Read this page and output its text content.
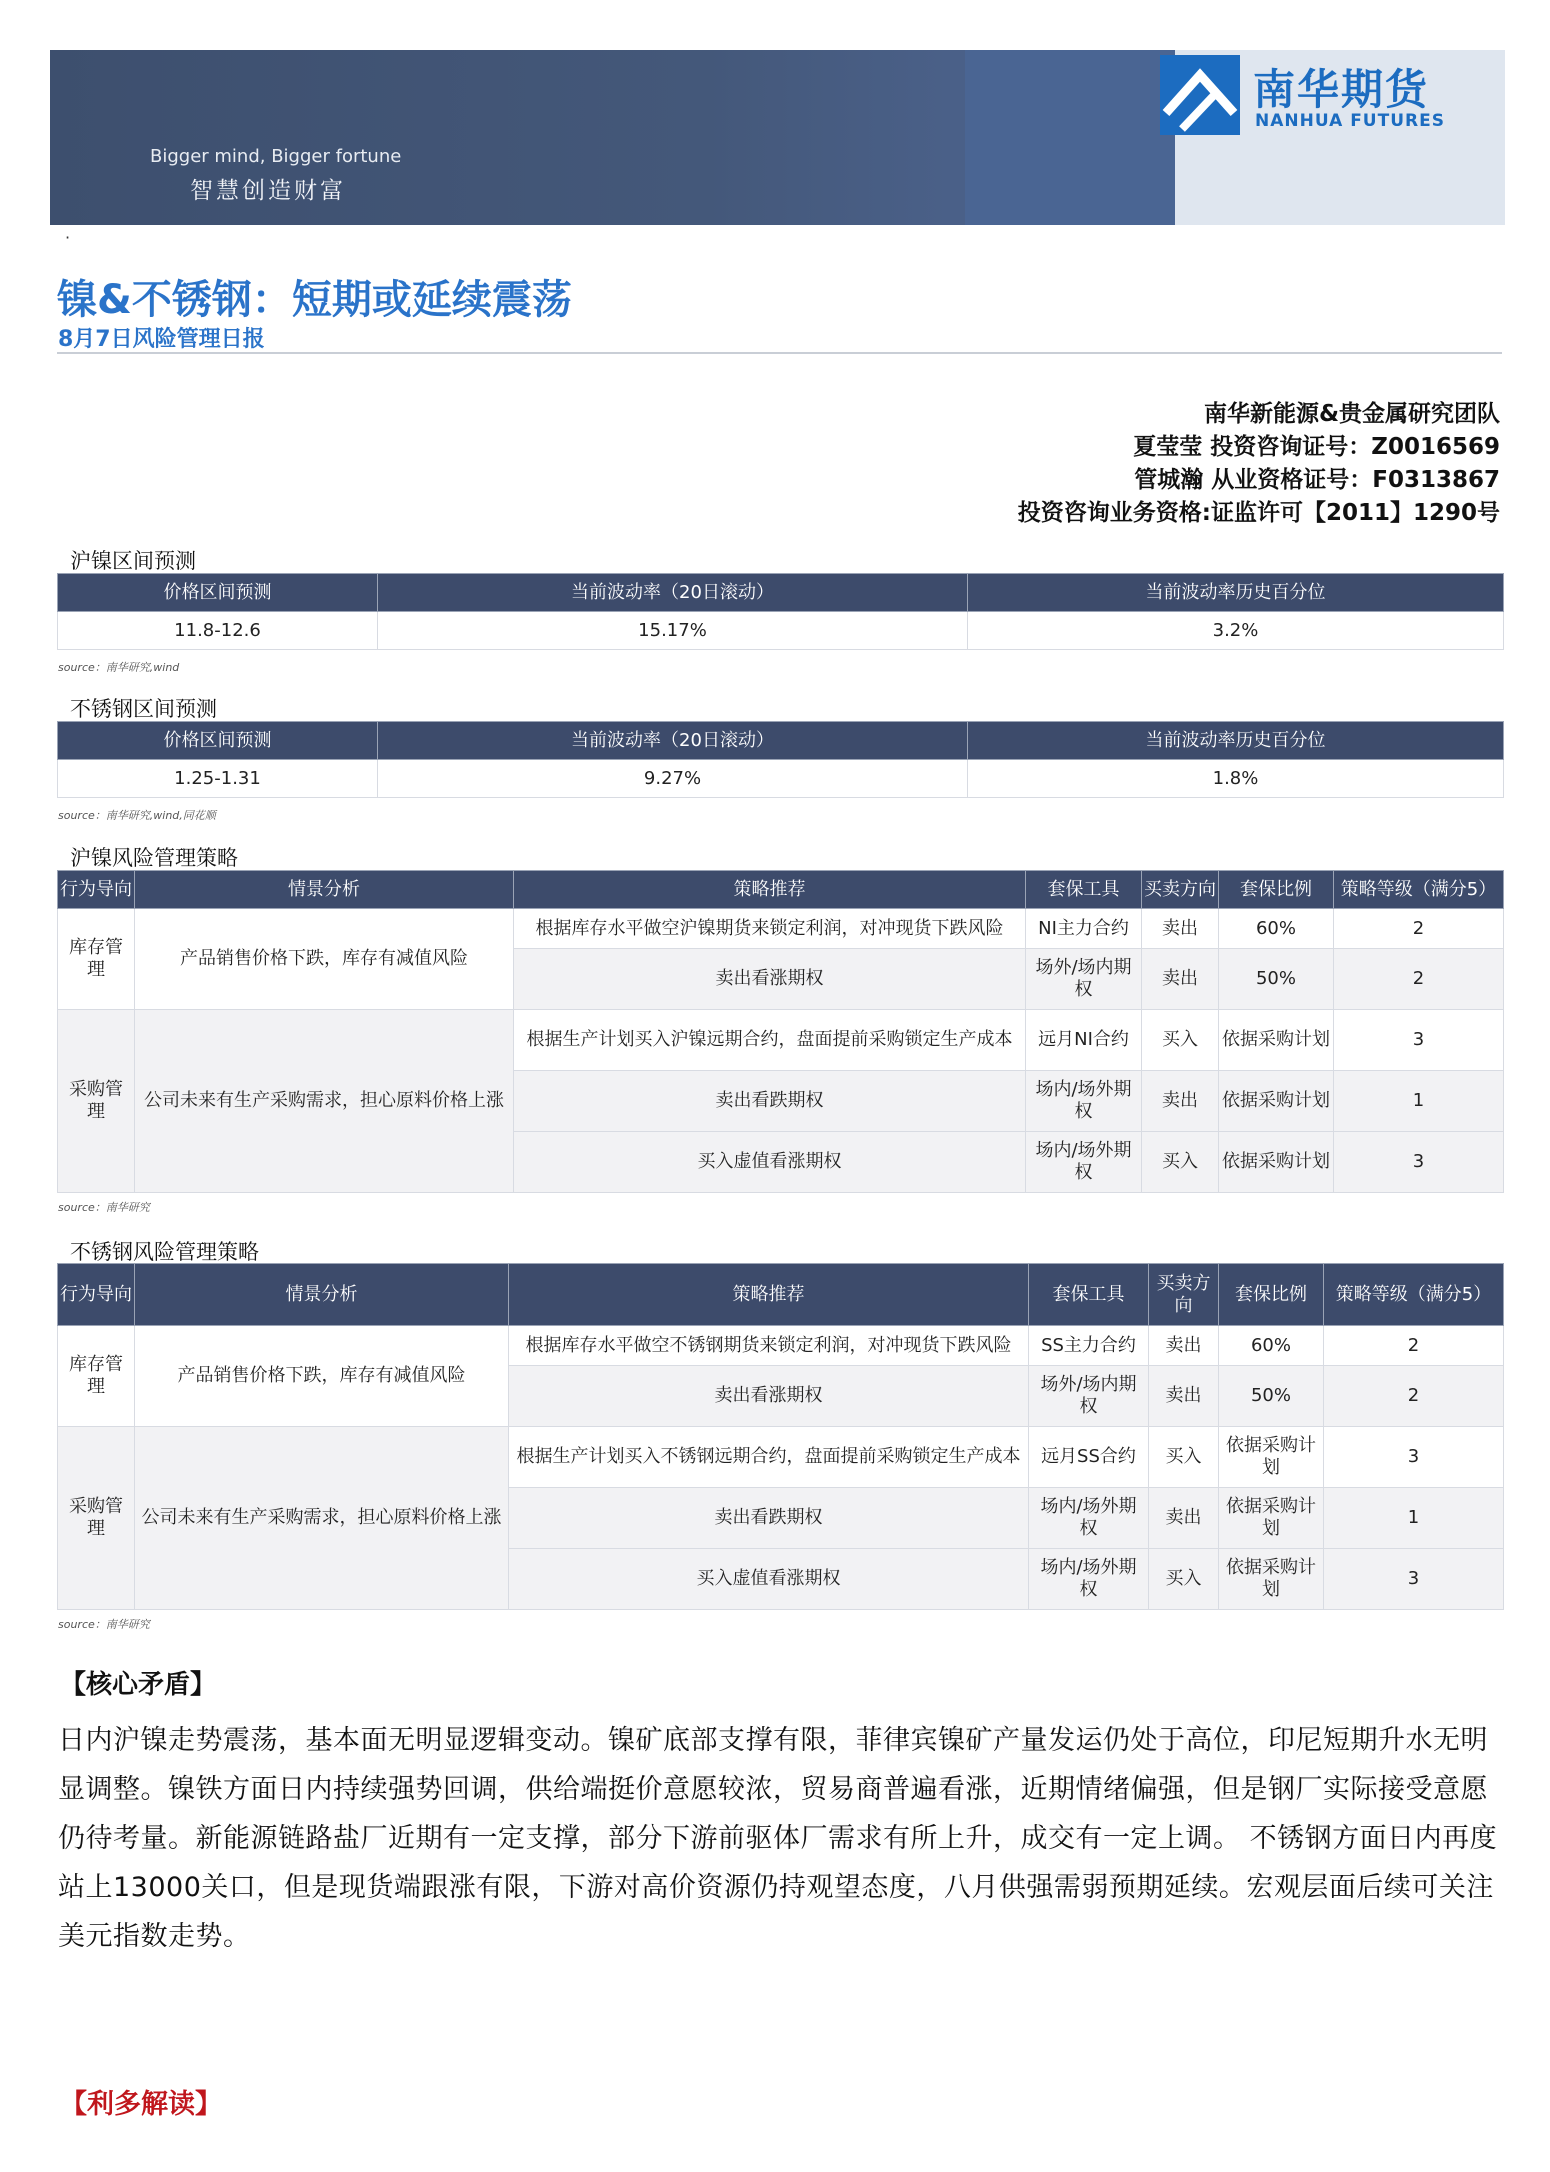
Bigger mind, Bigger fortune
智慧创造财富
南华期货
NANHUA FUTURES
·
镍&不锈钢：短期或延续震荡
8月7日风险管理日报
南华新能源&贵金属研究团队
夏莹莹 投资咨询证号：Z0016569
管城瀚 从业资格证号：F0313867
投资咨询业务资格:证监许可【2011】1290号
沪镍区间预测
价格区间预测	当前波动率（20日滚动）	当前波动率历史百分位
11.8-12.6	15.17%	3.2%
source：南华研究,wind
不锈钢区间预测
价格区间预测	当前波动率（20日滚动）	当前波动率历史百分位
1.25-1.31	9.27%	1.8%
source：南华研究,wind,同花顺
沪镍风险管理策略
行为导向	情景分析	策略推荐	套保工具	买卖方向	套保比例	策略等级（满分5）
库存管理	产品销售价格下跌，库存有减值风险	根据库存水平做空沪镍期货来锁定利润，对冲现货下跌风险	NI主力合约	卖出	60%	2
		卖出看涨期权	场外/场内期权	卖出	50%	2
采购管理	公司未来有生产采购需求，担心原料价格上涨	根据生产计划买入沪镍远期合约，盘面提前采购锁定生产成本	远月NI合约	买入	依据采购计划	3
		卖出看跌期权	场内/场外期权	卖出	依据采购计划	1
		买入虚值看涨期权	场内/场外期权	买入	依据采购计划	3
source：南华研究
不锈钢风险管理策略
行为导向	情景分析	策略推荐	套保工具	买卖方向	套保比例	策略等级（满分5）
库存管理	产品销售价格下跌，库存有减值风险	根据库存水平做空不锈钢期货来锁定利润，对冲现货下跌风险	SS主力合约	卖出	60%	2
		卖出看涨期权	场外/场内期权	卖出	50%	2
采购管理	公司未来有生产采购需求，担心原料价格上涨	根据生产计划买入不锈钢远期合约，盘面提前采购锁定生产成本	远月SS合约	买入	依据采购计划	3
		卖出看跌期权	场内/场外期权	卖出	依据采购计划	1
		买入虚值看涨期权	场内/场外期权	买入	依据采购计划	3
source：南华研究
【核心矛盾】
日内沪镍走势震荡，基本面无明显逻辑变动。镍矿底部支撑有限，菲律宾镍矿产量发运仍处于高位，印尼短期升水无明显调整。镍铁方面日内持续强势回调，供给端挺价意愿较浓，贸易商普遍看涨，近期情绪偏强，但是钢厂实际接受意愿仍待考量。新能源链路盐厂近期有一定支撑，部分下游前驱体厂需求有所上升，成交有一定上调。 不锈钢方面日内再度站上13000关口，但是现货端跟涨有限，下游对高价资源仍持观望态度，八月供强需弱预期延续。宏观层面后续可关注美元指数走势。
【利多解读】
